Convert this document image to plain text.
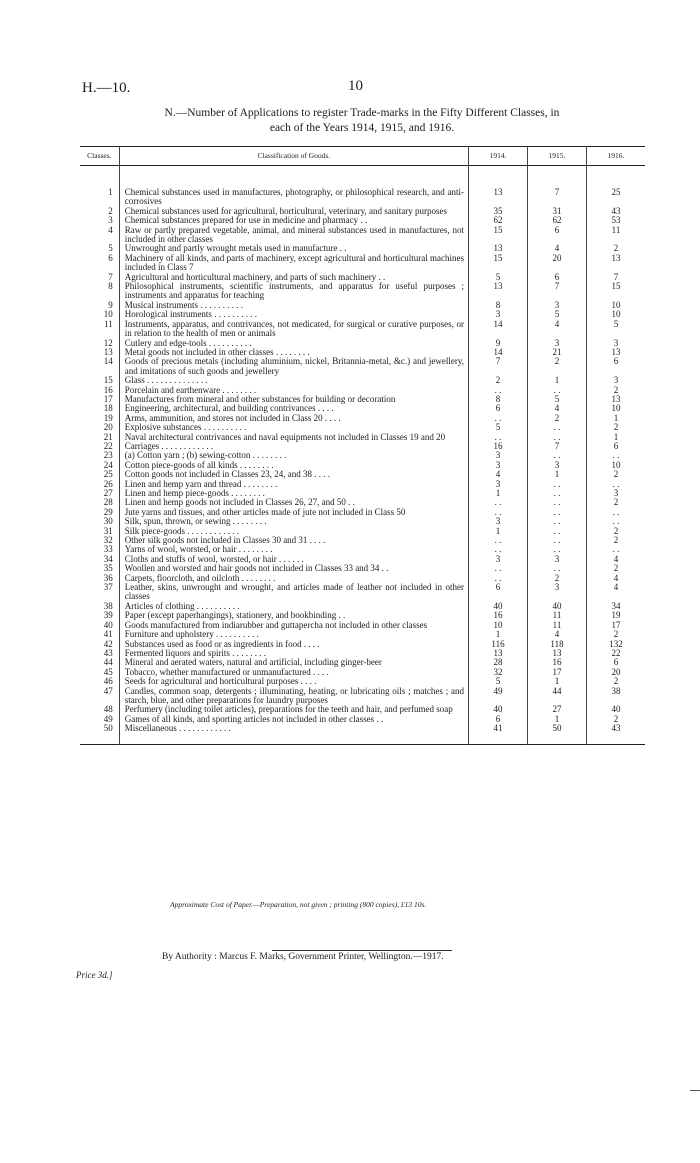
H.—10.	10
N.—Number of Applications to register Trade-marks in the Fifty Different Classes, in
each of the Years 1914, 1915, and 1916.
Classes.	Classification of Goods.	1914.	1915.	1916.

1	Chemical substances used in manufactures, photography, or philosophical research, and anti-corrosives	13	7	25
2	Chemical substances used for agricultural, horticultural, veterinary, and sanitary purposes	35	31	43
3	Chemical substances prepared for use in medicine and pharmacy . .	62	62	53
4	Raw or partly prepared vegetable, animal, and mineral substances used in manufactures, not included in other classes	15	6	11
5	Unwrought and partly wrought metals used in manufacture . .	13	4	2
6	Machinery of all kinds, and parts of machinery, except agricultural and horticultural machines included in Class 7	15	20	13
7	Agricultural and horticultural machinery, and parts of such machinery . .	5	6	7
8	Philosophical instruments, scientific instruments, and apparatus for useful purposes ; instruments and apparatus for teaching	13	7	15
9	Musical instruments . . . . . . . . . .	8	3	10
10	Horological instruments . . . . . . . . . .	3	5	10
11	Instruments, apparatus, and contrivances, not medicated, for surgical or curative purposes, or in relation to the health of men or animals	14	4	5
12	Cutlery and edge-tools . . . . . . . . . .	9	3	3
13	Metal goods not included in other classes . . . . . . . .	14	21	13
14	Goods of precious metals (including aluminium, nickel, Britannia-metal, &c.) and jewellery, and imitations of such goods and jewellery	7	2	6
15	Glass . . . . . . . . . . . . . .	2	1	3
16	Porcelain and earthenware . . . . . . . .	. .	. .	2
17	Manufactures from mineral and other substances for building or decoration	8	5	13
18	Engineering, architectural, and building contrivances . . . .	6	4	10
19	Arms, ammunition, and stores not included in Class 20 . . . .	. .	2	1
20	Explosive substances . . . . . . . . . .	5	. .	2
21	Naval architectural contrivances and naval equipments not included in Classes 19 and 20	. .	. .	1
22	Carriages . . . . . . . . . . . .	16	7	6
23	(a) Cotton yarn ; (b) sewing-cotton . . . . . . . .	3	. .	. .
24	Cotton piece-goods of all kinds . . . . . . . .	3	3	10
25	Cotton goods not included in Classes 23, 24, and 38 . . . .	4	1	2
26	Linen and hemp yarn and thread . . . . . . . .	3	. .	. .
27	Linen and hemp piece-goods . . . . . . . .	1	. .	3
28	Linen and hemp goods not included in Classes 26, 27, and 50 . .	. .	. .	2
29	Jute yarns and tissues, and other articles made of jute not included in Class 50	. .	. .	. .
30	Silk, spun, thrown, or sewing . . . . . . . .	3	. .	. .
31	Silk piece-goods . . . . . . . . . . . .	1	. .	2
32	Other silk goods not included in Classes 30 and 31 . . . .	. .	. .	2
33	Yarns of wool, worsted, or hair . . . . . . . .	. .	. .	. .
34	Cloths and stuffs of wool, worsted, or hair . . . . . .	3	3	4
35	Woollen and worsted and hair goods not included in Classes 33 and 34 . .	. .	. .	2
36	Carpets, floorcloth, and oilcloth . . . . . . . .	. .	2	4
37	Leather, skins, unwrought and wrought, and articles made of leather not included in other classes	6	3	4
38	Articles of clothing . . . . . . . . . .	40	40	34
39	Paper (except paperhangings), stationery, and bookbinding . .	16	11	19
40	Goods manufactured from indiarubber and guttapercha not included in other classes	10	11	17
41	Furniture and upholstery . . . . . . . . . .	1	4	2
42	Substances used as food or as ingredients in food . . . .	116	118	132
43	Fermented liquors and spirits . . . . . . . .	13	13	22
44	Mineral and aerated waters, natural and artificial, including ginger-beer	28	16	6
45	Tobacco, whether manufactured or unmanufactured . . . .	32	17	20
46	Seeds for agricultural and horticultural purposes . . . .	5	1	2
47	Candles, common soap, detergents ; illuminating, heating, or lubricating oils ; matches ; and starch, blue, and other preparations for laundry purposes	49	44	38
48	Perfumery (including toilet articles), preparations for the teeth and hair, and perfumed soap	40	27	40
49	Games of all kinds, and sporting articles not included in other classes . .	6	1	2
50	Miscellaneous . . . . . . . . . . . .	41	50	43
Approximate Cost of Paper.—Preparation, not given ; printing (800 copies), £13 10s.
By Authority : Marcus F. Marks, Government Printer, Wellington.—1917.
Price 3d.]
